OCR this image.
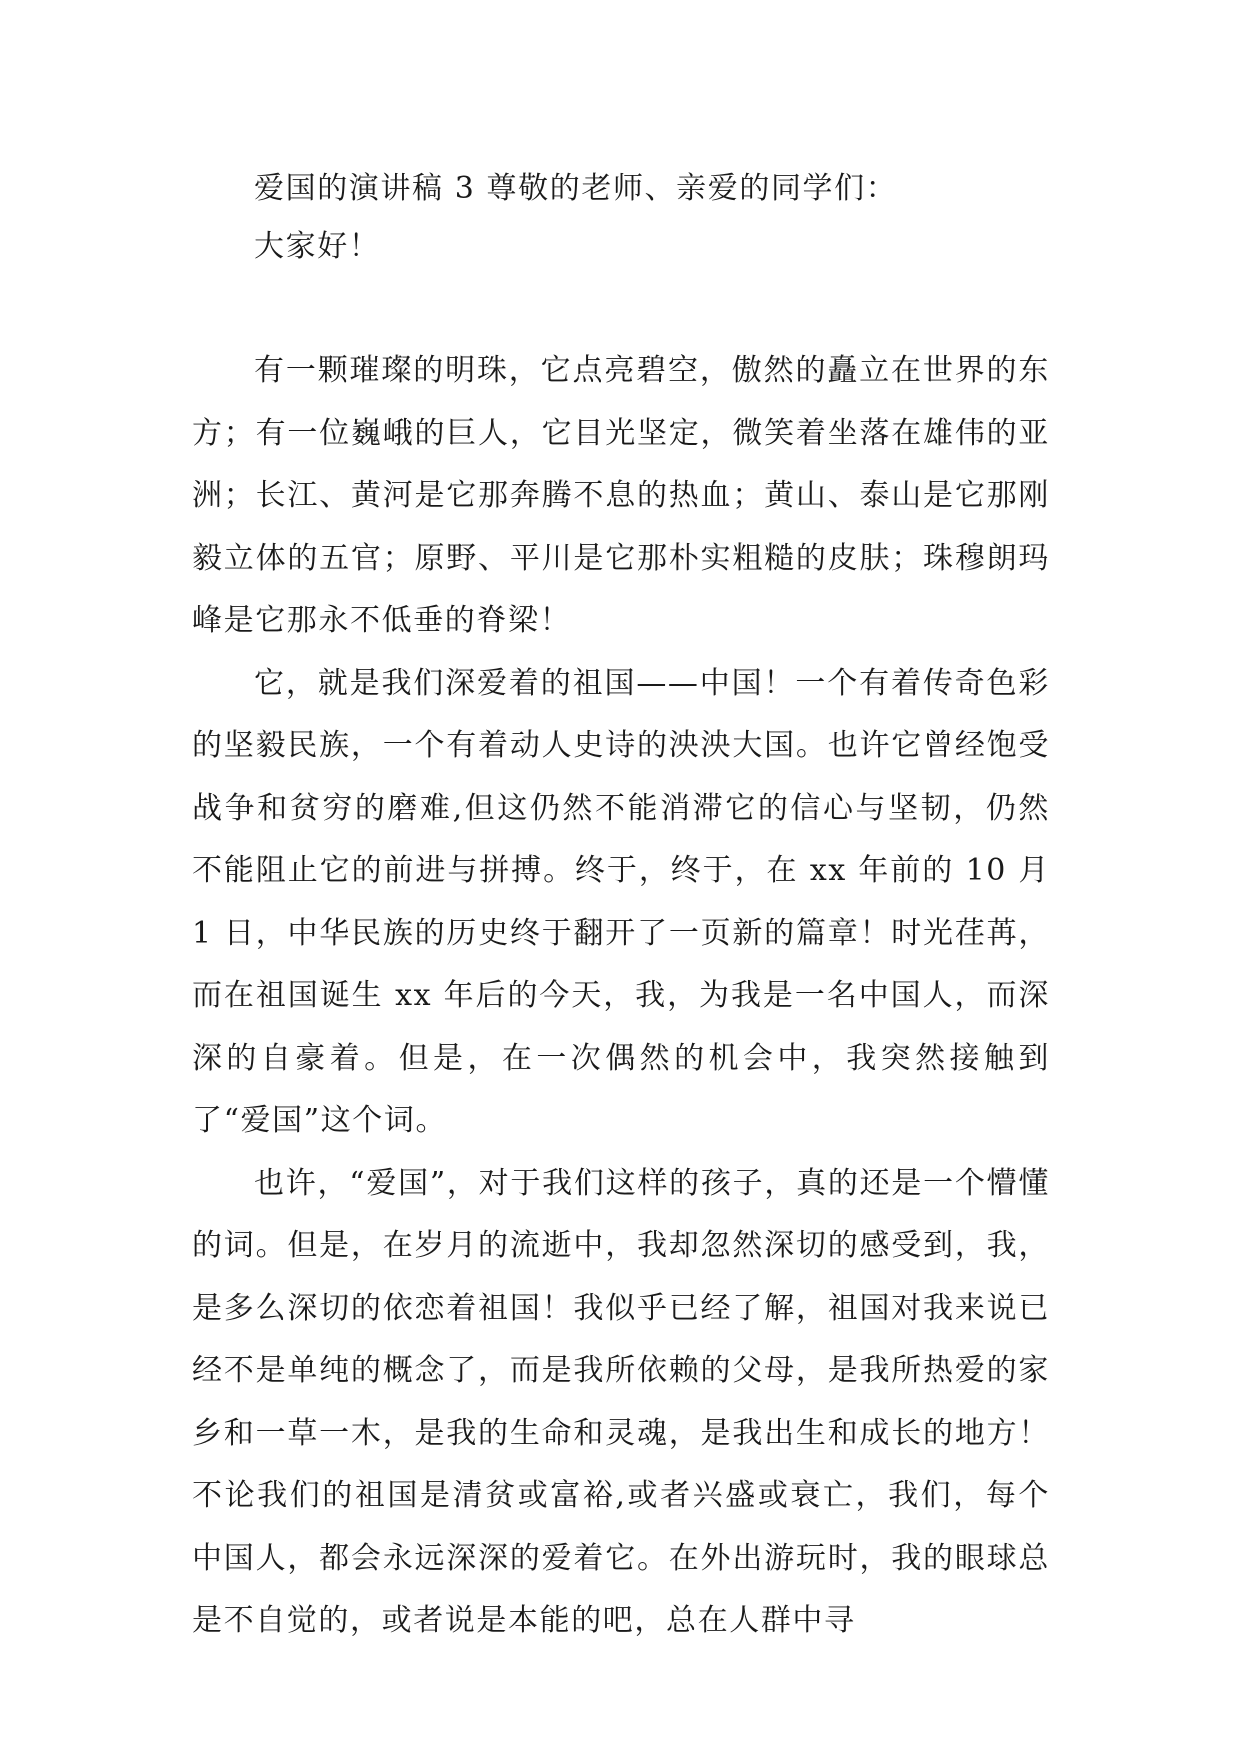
爱国的演讲稿 3 尊敬的老师、亲爱的同学们：

大家好！

有一颗璀璨的明珠，它点亮碧空，傲然的矗立在世界的东方；有一位巍峨的巨人，它目光坚定，微笑着坐落在雄伟的亚洲；长江、黄河是它那奔腾不息的热血；黄山、泰山是它那刚毅立体的五官；原野、平川是它那朴实粗糙的皮肤；珠穆朗玛峰是它那永不低垂的脊梁！

它，就是我们深爱着的祖国——中国！一个有着传奇色彩的坚毅民族，一个有着动人史诗的泱泱大国。也许它曾经饱受战争和贫穷的磨难,但这仍然不能消滞它的信心与坚韧，仍然不能阻止它的前进与拼搏。终于，终于，在 xx 年前的 10 月 1 日，中华民族的历史终于翻开了一页新的篇章！时光荏苒，而在祖国诞生 xx 年后的今天，我，为我是一名中国人，而深深的自豪着。但是，在一次偶然的机会中，我突然接触到了“爱国”这个词。

也许，“爱国”，对于我们这样的孩子，真的还是一个懵懂的词。但是，在岁月的流逝中，我却忽然深切的感受到，我，是多么深切的依恋着祖国！我似乎已经了解，祖国对我来说已经不是单纯的概念了，而是我所依赖的父母，是我所热爱的家乡和一草一木，是我的生命和灵魂，是我出生和成长的地方！不论我们的祖国是清贫或富裕,或者兴盛或衰亡，我们，每个中国人，都会永远深深的爱着它。在外出游玩时，我的眼球总是不自觉的，或者说是本能的吧，总在人群中寻
